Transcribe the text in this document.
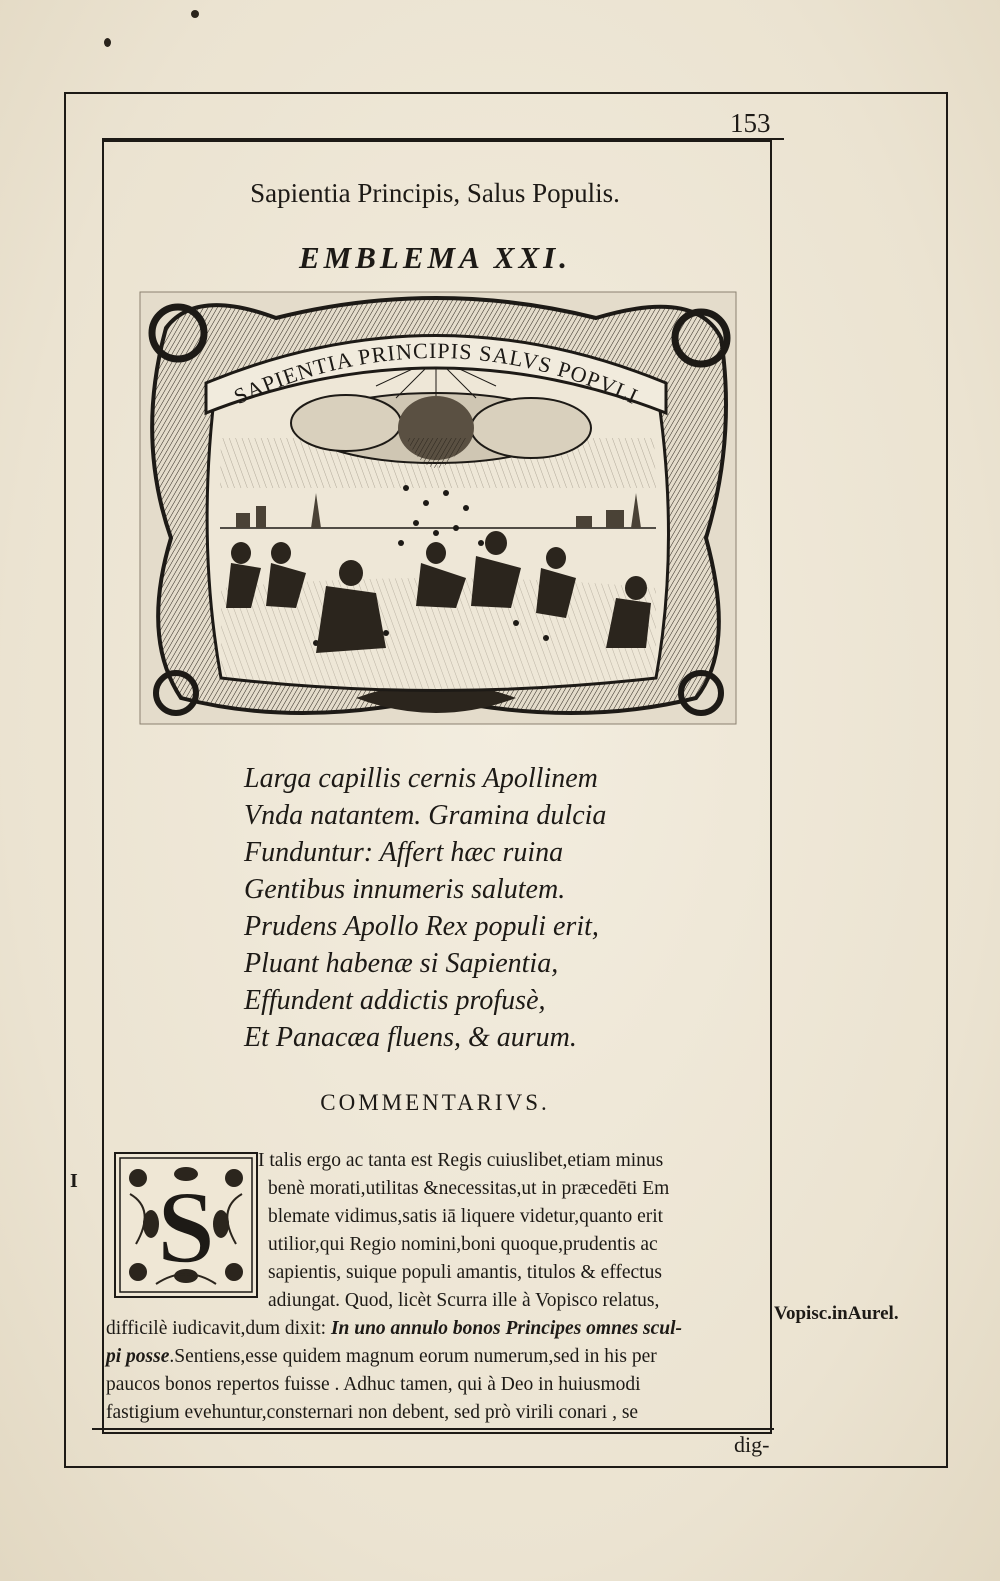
153
Sapientia Principis, Salus Populis.
EMBLEMA XXI.
SAPIENTIA PRINCIPIS SALVS POPVLI
Larga capillis cernis Apollinem
Vnda natantem. Gramina dulcia
Funduntur: Affert hæc ruina
Gentibus innumeris salutem.
Prudens Apollo Rex populi erit,
Pluant habenæ si Sapientia,
Effundent addictis profusè,
Et Panacæa fluens, & aurum.
COMMENTARIVS.
S
I talis ergo ac tanta est Regis cuiuslibet,etiam minus
benè morati,utilitas &necessitas,ut in præcedēti Em
blemate vidimus,satis iā liquere videtur,quanto erit
utilior,qui Regio nomini,boni quoque,prudentis ac
sapientis, suique populi amantis, titulos & effectus
adiungat. Quod, licèt Scurra ille à Vopisco relatus,
difficilè iudicavit,dum dixit: In uno annulo bonos Principes omnes scul-
pi posse.Sentiens,esse quidem magnum eorum numerum,sed in his per
paucos bonos repertos fuisse . Adhuc tamen, qui à Deo in huiusmodi
fastigium evehuntur,consternari non debent, sed prò virili conari , se
Vopisc.inAurel.
I
dig-
